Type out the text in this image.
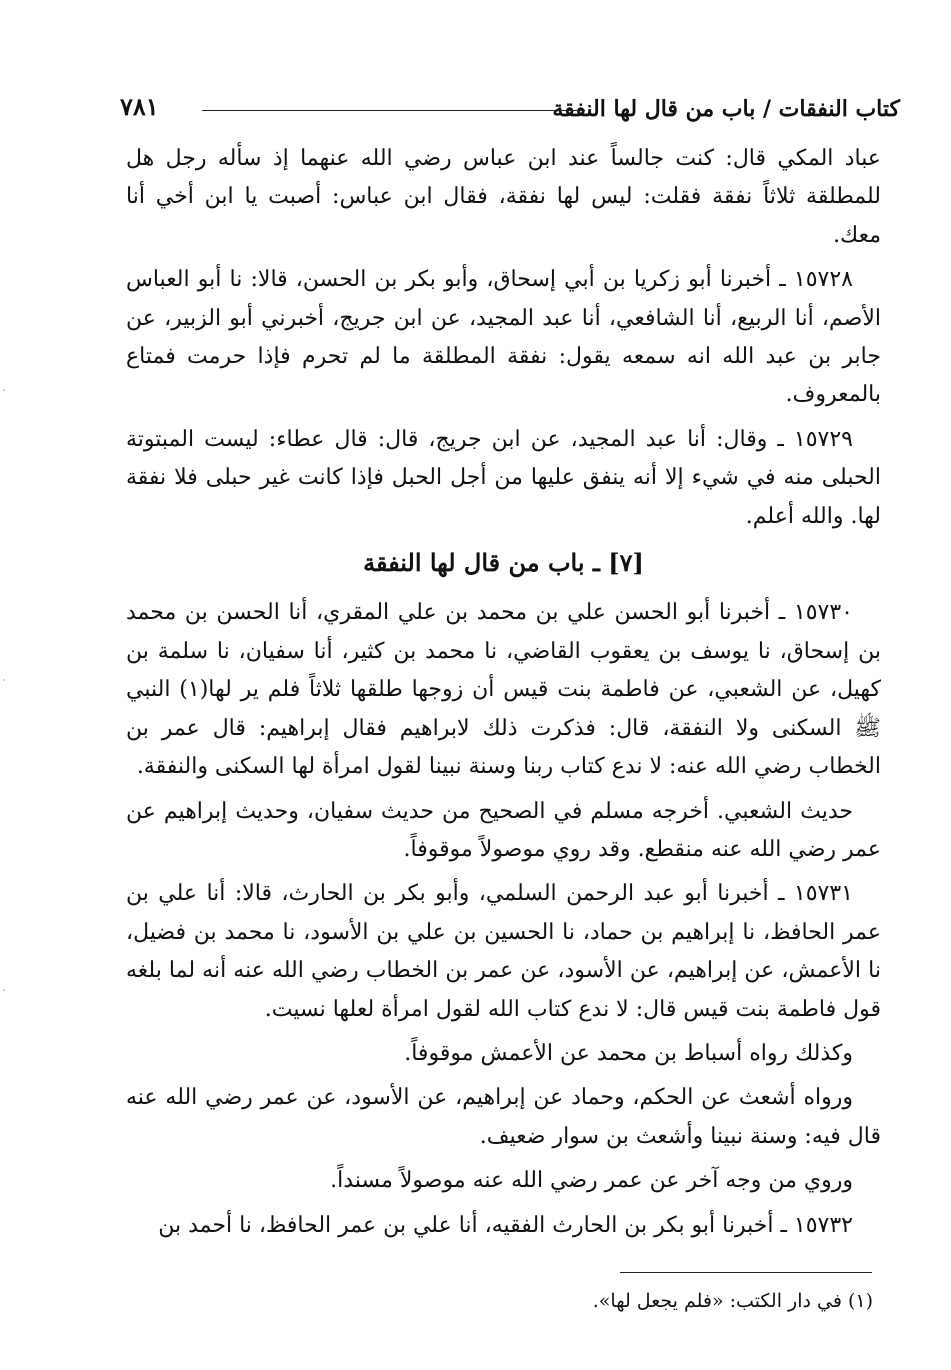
كتاب النفقات / باب من قال لها النفقة
٧٨١

عباد المكي قال: كنت جالساً عند ابن عباس رضي الله عنهما إذ سأله رجل هل للمطلقة ثلاثاً نفقة فقلت: ليس لها نفقة، فقال ابن عباس: أصبت يا ابن أخي أنا معك.

١٥٧٢٨ ـ أخبرنا أبو زكريا بن أبي إسحاق، وأبو بكر بن الحسن، قالا: نا أبو العباس الأصم، أنا الربيع، أنا الشافعي، أنا عبد المجيد، عن ابن جريج، أخبرني أبو الزبير، عن جابر بن عبد الله انه سمعه يقول: نفقة المطلقة ما لم تحرم فإذا حرمت فمتاع بالمعروف.

١٥٧٢٩ ـ وقال: أنا عبد المجيد، عن ابن جريج، قال: قال عطاء: ليست المبتوتة الحبلى منه في شيء إلا أنه ينفق عليها من أجل الحبل فإذا كانت غير حبلى فلا نفقة لها. والله أعلم.

[٧] ـ باب من قال لها النفقة

١٥٧٣٠ ـ أخبرنا أبو الحسن علي بن محمد بن علي المقري، أنا الحسن بن محمد بن إسحاق، نا يوسف بن يعقوب القاضي، نا محمد بن كثير، أنا سفيان، نا سلمة بن كهيل، عن الشعبي، عن فاطمة بنت قيس أن زوجها طلقها ثلاثاً فلم ير لها(١) النبي ﷺ السكنى ولا النفقة، قال: فذكرت ذلك لابراهيم فقال إبراهيم: قال عمر بن الخطاب رضي الله عنه: لا ندع كتاب ربنا وسنة نبينا لقول امرأة لها السكنى والنفقة.

حديث الشعبي. أخرجه مسلم في الصحيح من حديث سفيان، وحديث إبراهيم عن عمر رضي الله عنه منقطع. وقد روي موصولاً موقوفاً.

١٥٧٣١ ـ أخبرنا أبو عبد الرحمن السلمي، وأبو بكر بن الحارث، قالا: أنا علي بن عمر الحافظ، نا إبراهيم بن حماد، نا الحسين بن علي بن الأسود، نا محمد بن فضيل، نا الأعمش، عن إبراهيم، عن الأسود، عن عمر بن الخطاب رضي الله عنه أنه لما بلغه قول فاطمة بنت قيس قال: لا ندع كتاب الله لقول امرأة لعلها نسيت.

وكذلك رواه أسباط بن محمد عن الأعمش موقوفاً.

ورواه أشعث عن الحكم، وحماد عن إبراهيم، عن الأسود، عن عمر رضي الله عنه قال فيه: وسنة نبينا وأشعث بن سوار ضعيف.

وروي من وجه آخر عن عمر رضي الله عنه موصولاً مسنداً.

١٥٧٣٢ ـ أخبرنا أبو بكر بن الحارث الفقيه، أنا علي بن عمر الحافظ، نا أحمد بن

(١) في دار الكتب: «فلم يجعل لها».
